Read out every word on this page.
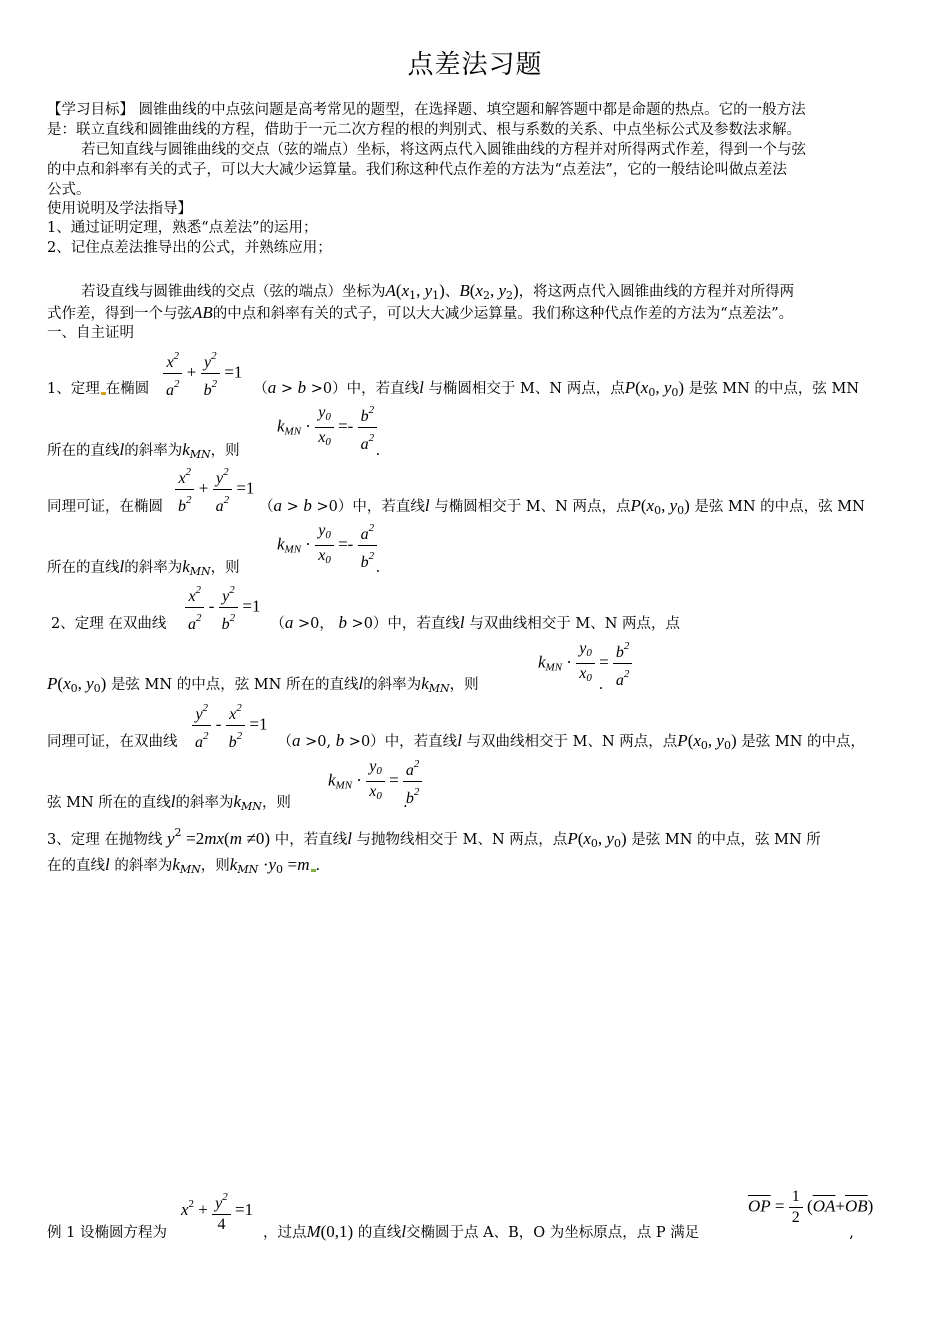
点差法习题
【学习目标】 圆锥曲线的中点弦问题是高考常见的题型，在选择题、填空题和解答题中都是命题的热点。它的一般方法
是：联立直线和圆锥曲线的方程，借助于一元二次方程的根的判别式、根与系数的关系、中点坐标公式及参数法求解。
若已知直线与圆锥曲线的交点（弦的端点）坐标，将这两点代入圆锥曲线的方程并对所得两式作差，得到一个与弦
的中点和斜率有关的式子，可以大大减少运算量。我们称这种代点作差的方法为“点差法”，它的一般结论叫做点差法
公式。
使用说明及学法指导】
1、通过证明定理，熟悉“点差法”的运用；
2、记住点差法推导出的公式，并熟练应用；
若设直线与圆锥曲线的交点（弦的端点）坐标为$A(x_1$, $y_1$)、$B(x_2$, $y_2$)，将这两点代入圆锥曲线的方程并对所得两
式作差，得到一个与弦AB的中点和斜率有关的式子，可以大大减少运算量。我们称这种代点作差的方法为“点差法”。
一、自主证明
$\frac{x^2}{a^2} + \frac{y^2}{b^2} =1$
1、定理 在椭圆	（a > b >0）中，若直线l 与椭圆相交于 M、N 两点，点$P(x_0$, $y_0$) 是弦 MN 的中点，弦 MN
$k_{MN} \cdot \frac{y_0}{x_0} =- \frac{b^2}{a^2}$
所在的直线l的斜率为$k_{MN}$，则	.
$\frac{x^2}{b^2} + \frac{y^2}{a^2} =1$
同理可证，在椭圆	（a > b >0）中，若直线l 与椭圆相交于 M、N 两点，点$P(x_0$, $y_0$) 是弦 MN 的中点，弦 MN
$k_{MN} \cdot \frac{y_0}{x_0} =- \frac{a^2}{b^2}$
所在的直线l的斜率为$k_{MN}$，则	.
$\frac{x^2}{a^2} - \frac{y^2}{b^2} =1$
2、定理 在双曲线	（a >0， b >0）中，若直线l 与双曲线相交于 M、N 两点，点
$k_{MN} \cdot \frac{y_0}{x_0} = \frac{b^2}{a^2}$
$P(x_0$, $y_0$) 是弦 MN 的中点，弦 MN 所在的直线l的斜率为$k_{MN}$，则	.
$\frac{y^2}{a^2} - \frac{x^2}{b^2} =1$
同理可证，在双曲线	（a >0, b >0）中，若直线l 与双曲线相交于 M、N 两点，点$P(x_0$, $y_0$) 是弦 MN 的中点，
$k_{MN} \cdot \frac{y_0}{x_0} = \frac{a^2}{b^2}$
弦 MN 所在的直线l的斜率为$k_{MN}$，则	.
3、定理 在抛物线 $y^2 =2mx(m \ne 0)$ 中，若直线l 与抛物线相交于 M、N 两点，点$P(x_0$, $y_0$) 是弦 MN 的中点，弦 MN 所
在的直线l 的斜率为$k_{MN}$，则$k_{MN} \cdot y_0 =m$ .
$x^2 + \frac{y^2}{4} =1$	$\overline{OP} = \frac{1}{2} (\overline{OA}+\overline{OB})$
例 1 设椭圆方程为	，过点M(0,1) 的直线l交椭圆于点 A、B，O 为坐标原点，点 P 满足	,
